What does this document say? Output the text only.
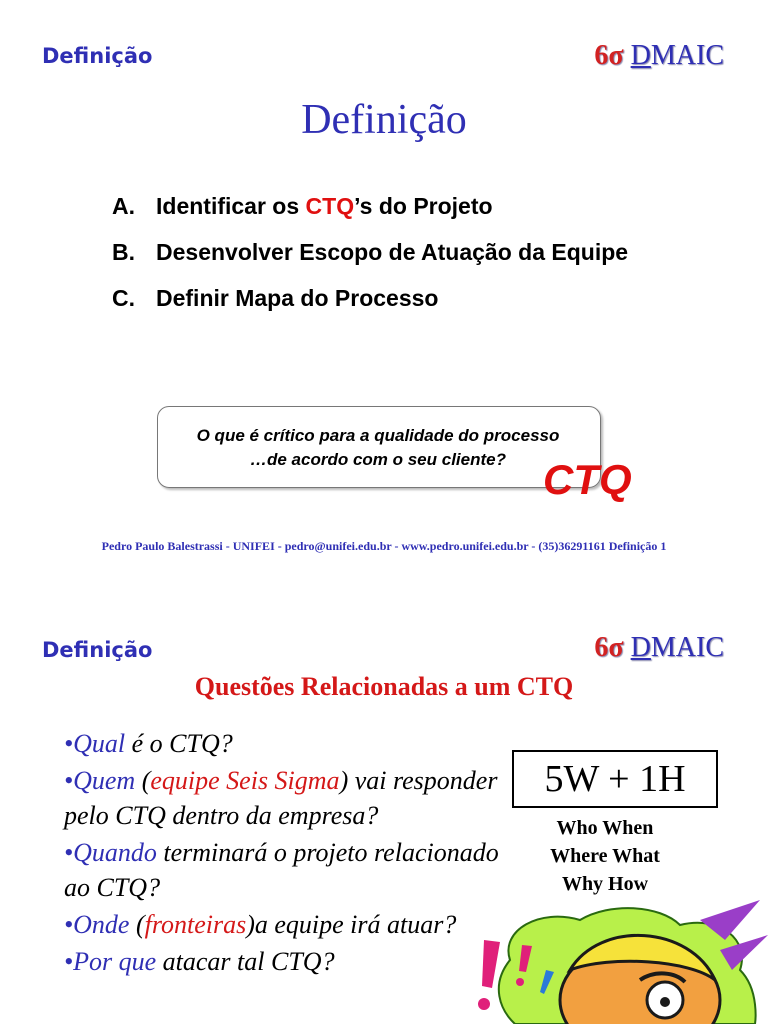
Definição	6σ DMAIC
Definição
A. Identificar os CTQ’s do Projeto
B. Desenvolver Escopo de Atuação da Equipe
C. Definir Mapa do Processo
O que é crítico para a qualidade do processo
…de acordo com o seu cliente? CTQ
Pedro Paulo Balestrassi - UNIFEI - pedro@unifei.edu.br - www.pedro.unifei.edu.br - (35)36291161 Definição 1
Definição	6σ DMAIC
Questões Relacionadas a um CTQ
•Qual é o CTQ?
•Quem (equipe Seis Sigma) vai responder pelo CTQ dentro da empresa?
•Quando terminará o projeto relacionado ao CTQ?
•Onde (fronteiras)a equipe irá atuar?
•Por que atacar tal CTQ?
5W + 1H
Who When
Where What
Why How
